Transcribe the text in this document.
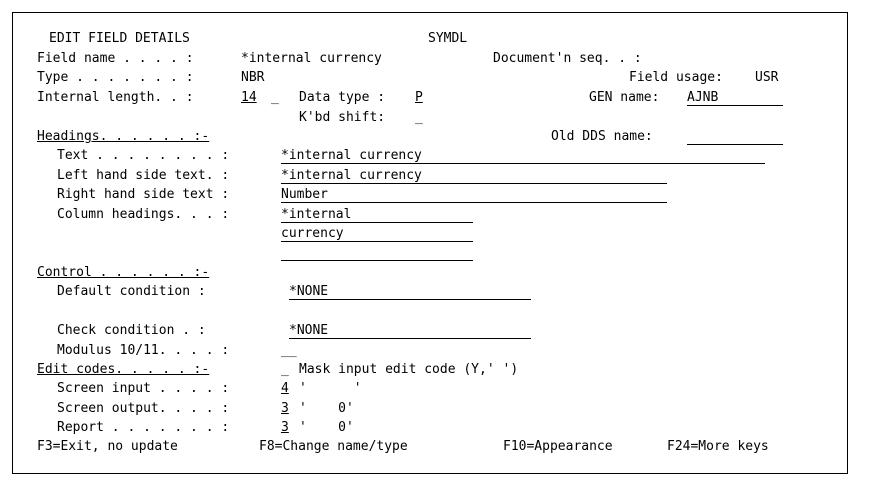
EDIT FIELD DETAILS	SYMDL
Field name . . . . :	*internal currency	Document'n seq. . :
Type . . . . . . . :	NBR	Field usage: USR
Internal length. . :	14 _ Data type : P	GEN name: AJNB
K'bd shift: _
Headings. . . . . . :-	Old DDS name:
Text . . . . . . . . :	*internal currency
Left hand side text. :	*internal currency
Right hand side text :	Number
Column headings. . . :	*internal
currency
Control . . . . . . :-
Default condition :	*NONE
Check condition . :	*NONE
Modulus 10/11. . . . :	__
Edit codes. . . . . :-	_ Mask input edit code (Y,' ')
Screen input . . . . :	4 '      '
Screen output. . . . :	3 '    0'
Report . . . . . . . :	3 '    0'
F3=Exit, no update	F8=Change name/type	F10=Appearance	F24=More keys
